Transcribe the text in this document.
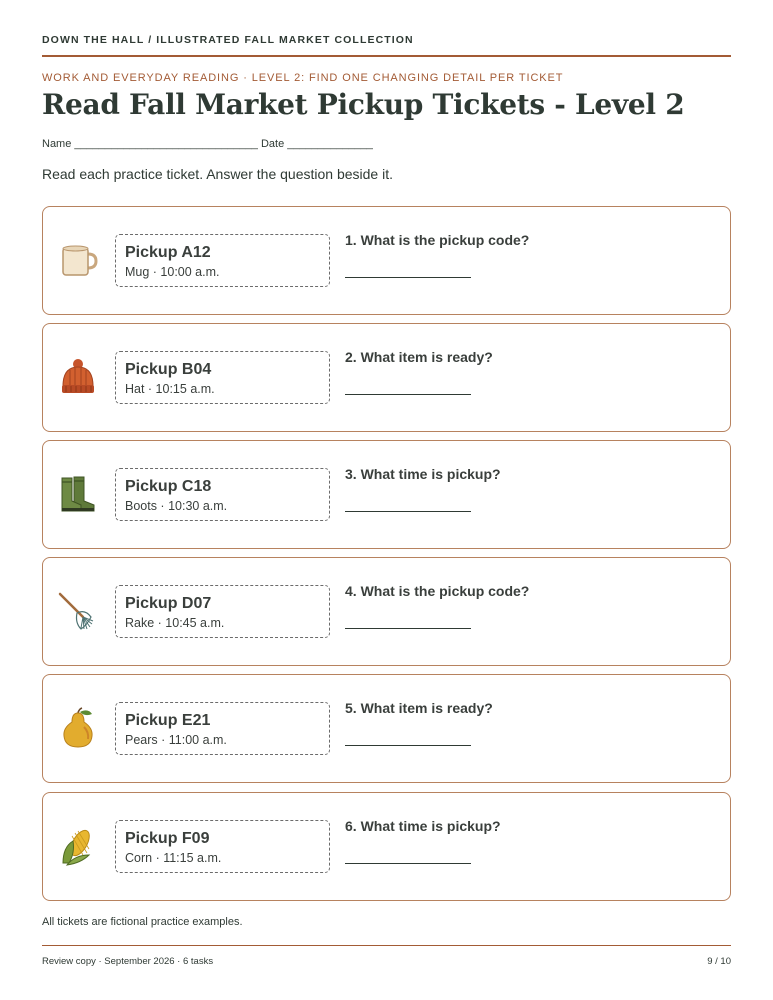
DOWN THE HALL / ILLUSTRATED FALL MARKET COLLECTION
WORK AND EVERYDAY READING · LEVEL 2: FIND ONE CHANGING DETAIL PER TICKET
Read Fall Market Pickup Tickets - Level 2
Name ______________________________ Date ______________
Read each practice ticket. Answer the question beside it.
Pickup A12
Mug · 10:00 a.m.
1. What is the pickup code?
Pickup B04
Hat · 10:15 a.m.
2. What item is ready?
Pickup C18
Boots · 10:30 a.m.
3. What time is pickup?
Pickup D07
Rake · 10:45 a.m.
4. What is the pickup code?
Pickup E21
Pears · 11:00 a.m.
5. What item is ready?
Pickup F09
Corn · 11:15 a.m.
6. What time is pickup?
All tickets are fictional practice examples.
Review copy · September 2026 · 6 tasks	9 / 10
